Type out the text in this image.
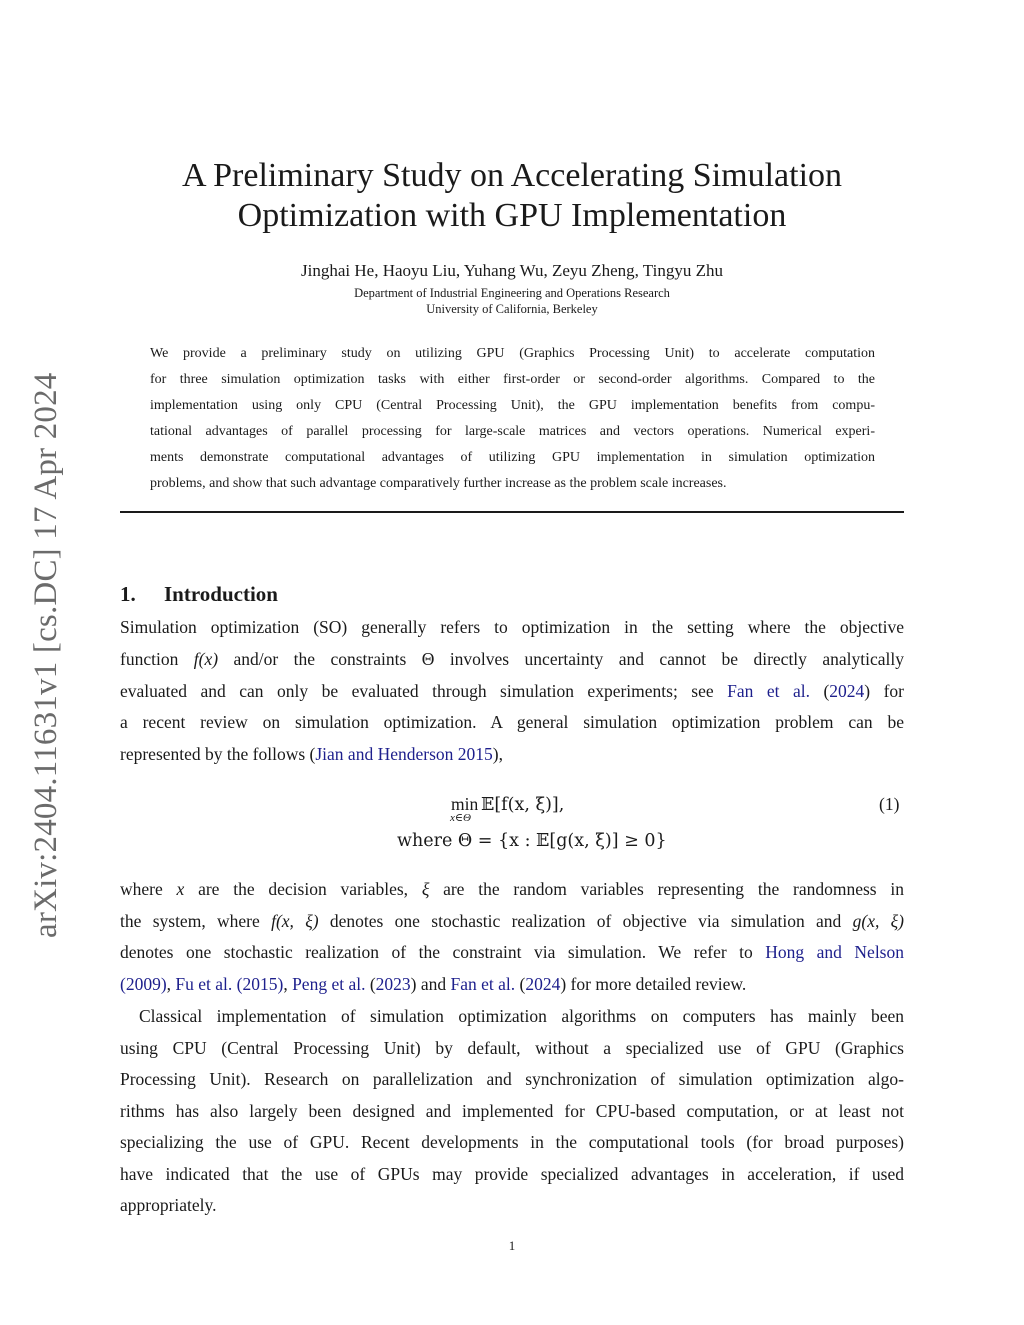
arXiv:2404.11631v1 [cs.DC] 17 Apr 2024
A Preliminary Study on Accelerating Simulation
Optimization with GPU Implementation
Jinghai He, Haoyu Liu, Yuhang Wu, Zeyu Zheng, Tingyu Zhu
Department of Industrial Engineering and Operations Research
University of California, Berkeley
We provide a preliminary study on utilizing GPU (Graphics Processing Unit) to accelerate computation
for three simulation optimization tasks with either first-order or second-order algorithms. Compared to the
implementation using only CPU (Central Processing Unit), the GPU implementation benefits from compu-
tational advantages of parallel processing for large-scale matrices and vectors operations. Numerical experi-
ments demonstrate computational advantages of utilizing GPU implementation in simulation optimization
problems, and show that such advantage comparatively further increase as the problem scale increases.
1. Introduction
Simulation optimization (SO) generally refers to optimization in the setting where the objective
function f(x) and/or the constraints Θ involves uncertainty and cannot be directly analytically
evaluated and can only be evaluated through simulation experiments; see Fan et al. (2024) for
a recent review on simulation optimization. A general simulation optimization problem can be
represented by the follows (Jian and Henderson 2015),
min
x∈Θ
𝔼[f(x, ξ)],	(1)
where Θ = {x : 𝔼[g(x, ξ)] ≥ 0}
where x are the decision variables, ξ are the random variables representing the randomness in
the system, where f(x, ξ) denotes one stochastic realization of objective via simulation and g(x, ξ)
denotes one stochastic realization of the constraint via simulation. We refer to Hong and Nelson
(2009), Fu et al. (2015), Peng et al. (2023) and Fan et al. (2024) for more detailed review.
Classical implementation of simulation optimization algorithms on computers has mainly been
using CPU (Central Processing Unit) by default, without a specialized use of GPU (Graphics
Processing Unit). Research on parallelization and synchronization of simulation optimization algo-
rithms has also largely been designed and implemented for CPU-based computation, or at least not
specializing the use of GPU. Recent developments in the computational tools (for broad purposes)
have indicated that the use of GPUs may provide specialized advantages in acceleration, if used
appropriately.
1
